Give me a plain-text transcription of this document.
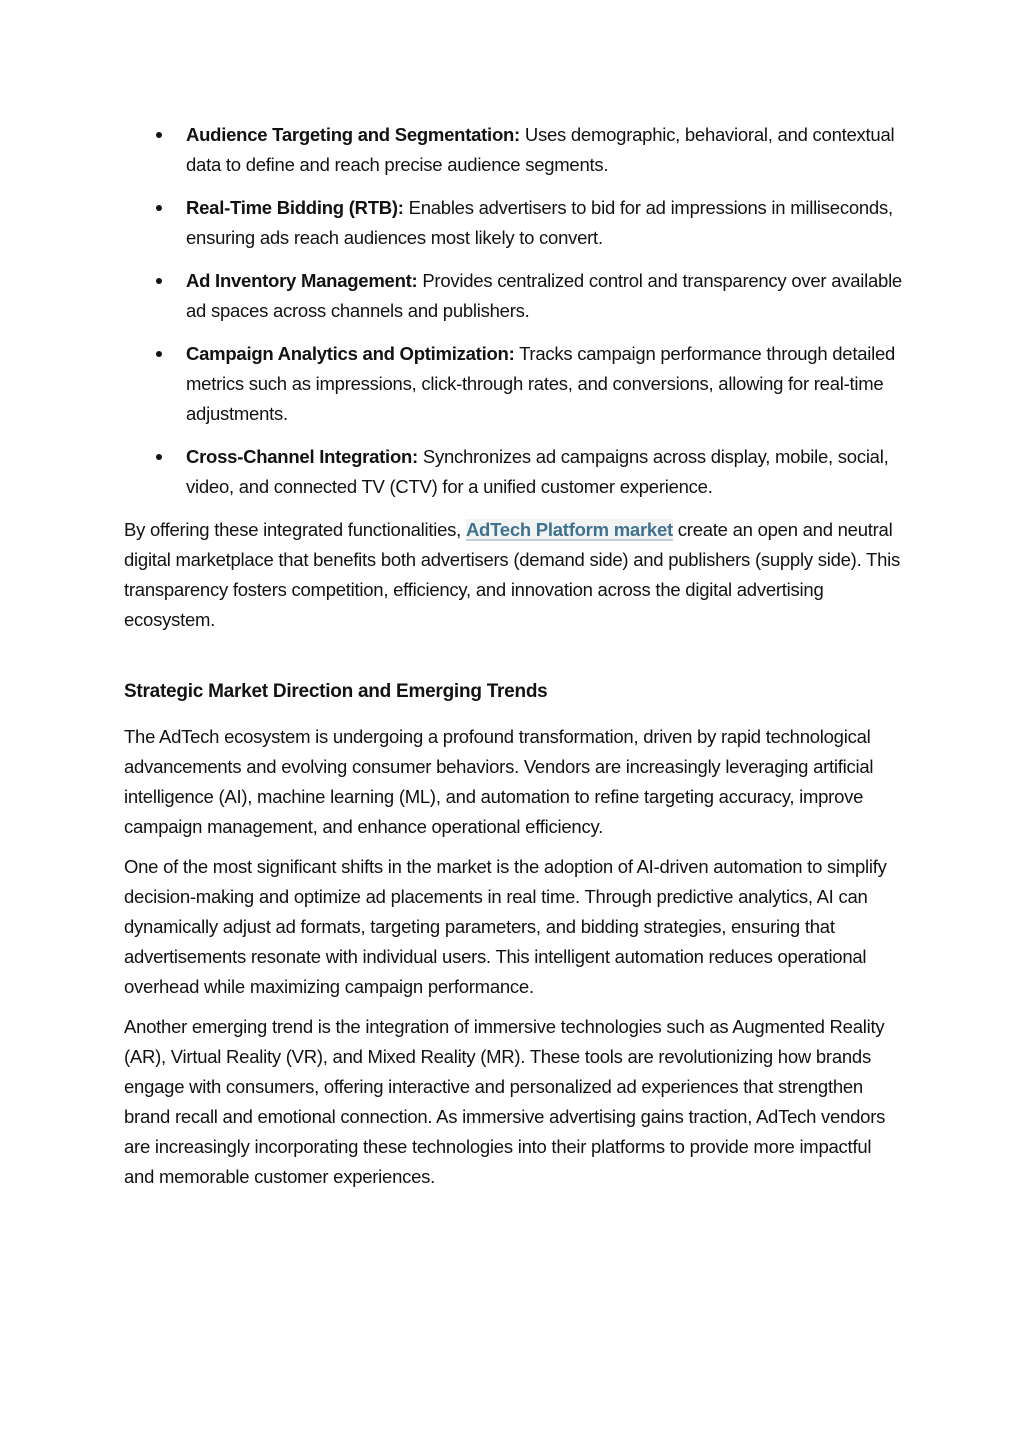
Audience Targeting and Segmentation: Uses demographic, behavioral, and contextual data to define and reach precise audience segments.
Real-Time Bidding (RTB): Enables advertisers to bid for ad impressions in milliseconds, ensuring ads reach audiences most likely to convert.
Ad Inventory Management: Provides centralized control and transparency over available ad spaces across channels and publishers.
Campaign Analytics and Optimization: Tracks campaign performance through detailed metrics such as impressions, click-through rates, and conversions, allowing for real-time adjustments.
Cross-Channel Integration: Synchronizes ad campaigns across display, mobile, social, video, and connected TV (CTV) for a unified customer experience.

By offering these integrated functionalities, AdTech Platform market create an open and neutral digital marketplace that benefits both advertisers (demand side) and publishers (supply side). This transparency fosters competition, efficiency, and innovation across the digital advertising ecosystem.

Strategic Market Direction and Emerging Trends

The AdTech ecosystem is undergoing a profound transformation, driven by rapid technological advancements and evolving consumer behaviors. Vendors are increasingly leveraging artificial intelligence (AI), machine learning (ML), and automation to refine targeting accuracy, improve campaign management, and enhance operational efficiency.

One of the most significant shifts in the market is the adoption of AI-driven automation to simplify decision-making and optimize ad placements in real time. Through predictive analytics, AI can dynamically adjust ad formats, targeting parameters, and bidding strategies, ensuring that advertisements resonate with individual users. This intelligent automation reduces operational overhead while maximizing campaign performance.

Another emerging trend is the integration of immersive technologies such as Augmented Reality (AR), Virtual Reality (VR), and Mixed Reality (MR). These tools are revolutionizing how brands engage with consumers, offering interactive and personalized ad experiences that strengthen brand recall and emotional connection. As immersive advertising gains traction, AdTech vendors are increasingly incorporating these technologies into their platforms to provide more impactful and memorable customer experiences.
